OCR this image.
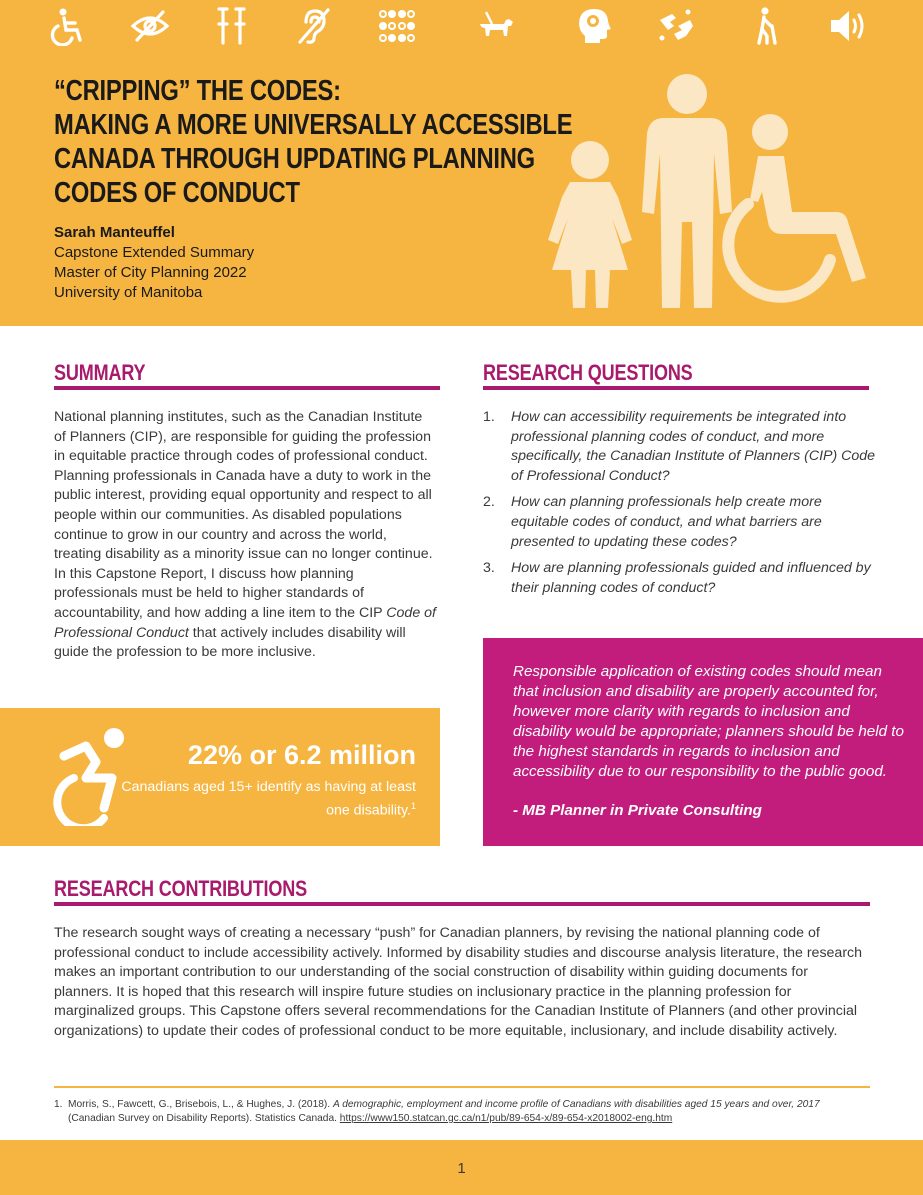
“CRIPPING” THE CODES:
MAKING A MORE UNIVERSALLY ACCESSIBLE
CANADA THROUGH UPDATING PLANNING
CODES OF CONDUCT
Sarah Manteuffel
Capstone Extended Summary
Master of City Planning 2022
University of Manitoba
SUMMARY

National planning institutes, such as the Canadian Institute of Planners (CIP), are responsible for guiding the profession in equitable practice through codes of professional conduct. Planning professionals in Canada have a duty to work in the public interest, providing equal opportunity and respect to all people within our communities. As disabled populations continue to grow in our country and across the world, treating disability as a minority issue can no longer continue. In this Capstone Report, I discuss how planning professionals must be held to higher standards of accountability, and how adding a line item to the CIP Code of Professional Conduct that actively includes disability will guide the profession to be more inclusive.

RESEARCH QUESTIONS
1. How can accessibility requirements be integrated into professional planning codes of conduct, and more specifically, the Canadian Institute of Planners (CIP) Code of Professional Conduct?
2. How can planning professionals help create more equitable codes of conduct, and what barriers are presented to updating these codes?
3. How are planning professionals guided and influenced by their planning codes of conduct?
22% or 6.2 million
Canadians aged 15+ identify as having at least one disability.$^1$

Responsible application of existing codes should mean that inclusion and disability are properly accounted for, however more clarity with regards to inclusion and disability would be appropriate; planners should be held to the highest standards in regards to inclusion and accessibility due to our responsibility to the public good.

- MB Planner in Private Consulting

RESEARCH CONTRIBUTIONS

The research sought ways of creating a necessary “push” for Canadian planners, by revising the national planning code of professional conduct to include accessibility actively. Informed by disability studies and discourse analysis literature, the research makes an important contribution to our understanding of the social construction of disability within guiding documents for planners. It is hoped that this research will inspire future studies on inclusionary practice in the planning profession for marginalized groups. This Capstone offers several recommendations for the Canadian Institute of Planners (and other provincial organizations) to update their codes of professional conduct to be more equitable, inclusionary, and include disability actively.

1. Morris, S., Fawcett, G., Brisebois, L., & Hughes, J. (2018). A demographic, employment and income profile of Canadians with disabilities aged 15 years and over, 2017 (Canadian Survey on Disability Reports). Statistics Canada. https://www150.statcan.gc.ca/n1/pub/89-654-x/89-654-x2018002-eng.htm

1
